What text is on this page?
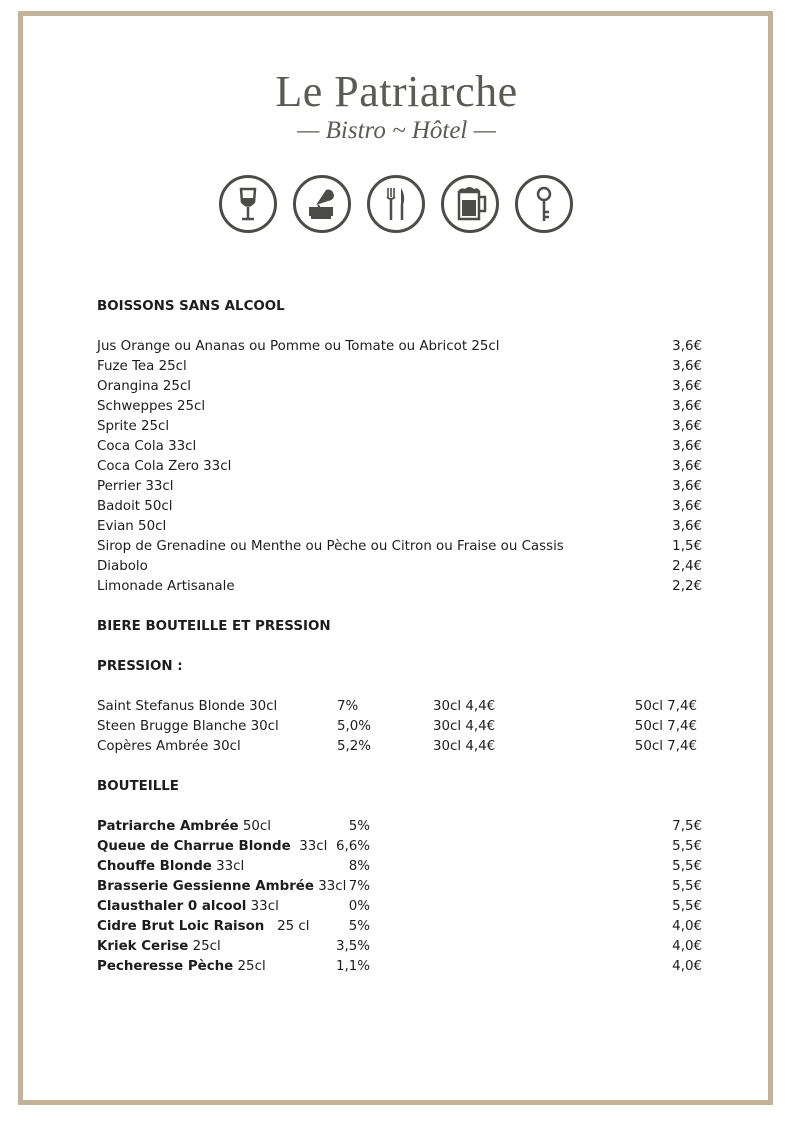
Le Patriarche
— Bistro ~ Hôtel —
BOISSONS SANS ALCOOL
Jus Orange ou Ananas ou Pomme ou Tomate ou Abricot 25cl	3,6€
Fuze Tea 25cl	3,6€
Orangina 25cl	3,6€
Schweppes 25cl	3,6€
Sprite 25cl	3,6€
Coca Cola 33cl	3,6€
Coca Cola Zero 33cl	3,6€
Perrier 33cl	3,6€
Badoit 50cl	3,6€
Evian 50cl	3,6€
Sirop de Grenadine ou Menthe ou Pèche ou Citron ou Fraise ou Cassis	1,5€
Diabolo	2,4€
Limonade Artisanale	2,2€
BIERE BOUTEILLE ET PRESSION
PRESSION :
Saint Stefanus Blonde 30cl	7%	30cl 4,4€	50cl 7,4€
Steen Brugge Blanche 30cl	5,0%	30cl 4,4€	50cl 7,4€
Copères Ambrée 30cl	5,2%	30cl 4,4€	50cl 7,4€
BOUTEILLE
Patriarche Ambrée 50cl	5%	7,5€
Queue de Charrue Blonde  33cl 6,6%	5,5€
Chouffe Blonde 33cl	8%	5,5€
Brasserie Gessienne Ambrée 33cl 7%	5,5€
Clausthaler 0 alcool 33cl	0%	5,5€
Cidre Brut Loic Raison   25 cl	5%	4,0€
Kriek Cerise 25cl	3,5%	4,0€
Pecheresse Pèche 25cl	1,1%	4,0€
